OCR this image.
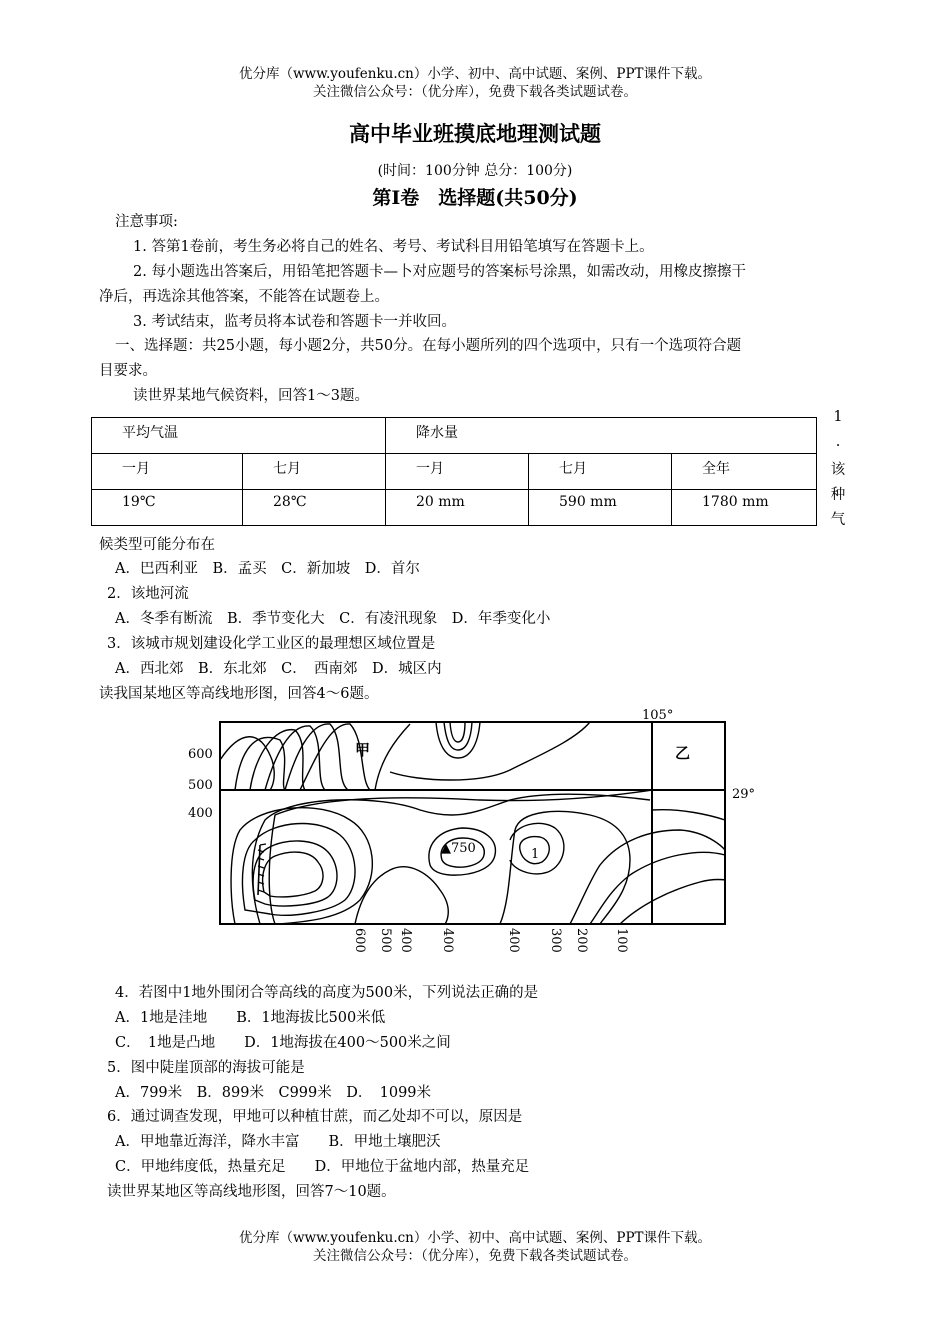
优分库（www.youfenku.cn）小学、初中、高中试题、案例、PPT课件下载。
关注微信公众号：（优分库），免费下载各类试题试卷。
高中毕业班摸底地理测试题
(时间：100分钟 总分：100分)
第Ⅰ卷　选择题(共50分)
注意事项:
1. 答第1卷前，考生务必将自己的姓名、考号、考试科目用铅笔填写在答题卡上。
2. 每小题选出答案后，用铅笔把答题卡—卜对应题号的答案标号涂黑，如需改动，用橡皮擦擦干
净后，再选涂其他答案，不能答在试题卷上。
3. 考试结束，监考员将本试卷和答题卡一并收回。
一、选择题：共25小题，每小题2分，共50分。在每小题所列的四个选项中，只有一个选项符合题
目要求。
读世界某地气候资料，回答1～3题。
平均气温		降水量		
一月	七月	一月	七月	全年
19℃	28℃	20 mm	590 mm	1780 mm
1
.
该
种
气
候类型可能分布在
A．巴西利亚　B．孟买　C．新加坡　D．首尔
2．该地河流
A．冬季有断流　B．季节变化大　C．有凌汛现象　D．年季变化小
3．该城市规划建设化学工业区的最理想区域位置是
A．西北郊　B．东北郊　C．　西南郊　D．城区内
读我国某地区等高线地形图，回答4～6题。
105°
29°
甲	乙
600
500
400
▲750	1
600 500 400 400	400 300 200 100
4．若图中1地外围闭合等高线的高度为500米，下列说法正确的是
A．1地是洼地　　B．1地海拔比500米低
C．　1地是凸地　　D．1地海拔在400～500米之间
5．图中陡崖顶部的海拔可能是
A．799米　B．899米　C999米　D．　1099米
6．通过调查发现，甲地可以种植甘蔗，而乙处却不可以，原因是
A．甲地靠近海洋，降水丰富　　B．甲地土壤肥沃
C．甲地纬度低，热量充足　　D．甲地位于盆地内部，热量充足
读世界某地区等高线地形图，回答7～10题。
优分库（www.youfenku.cn）小学、初中、高中试题、案例、PPT课件下载。
关注微信公众号：（优分库），免费下载各类试题试卷。
